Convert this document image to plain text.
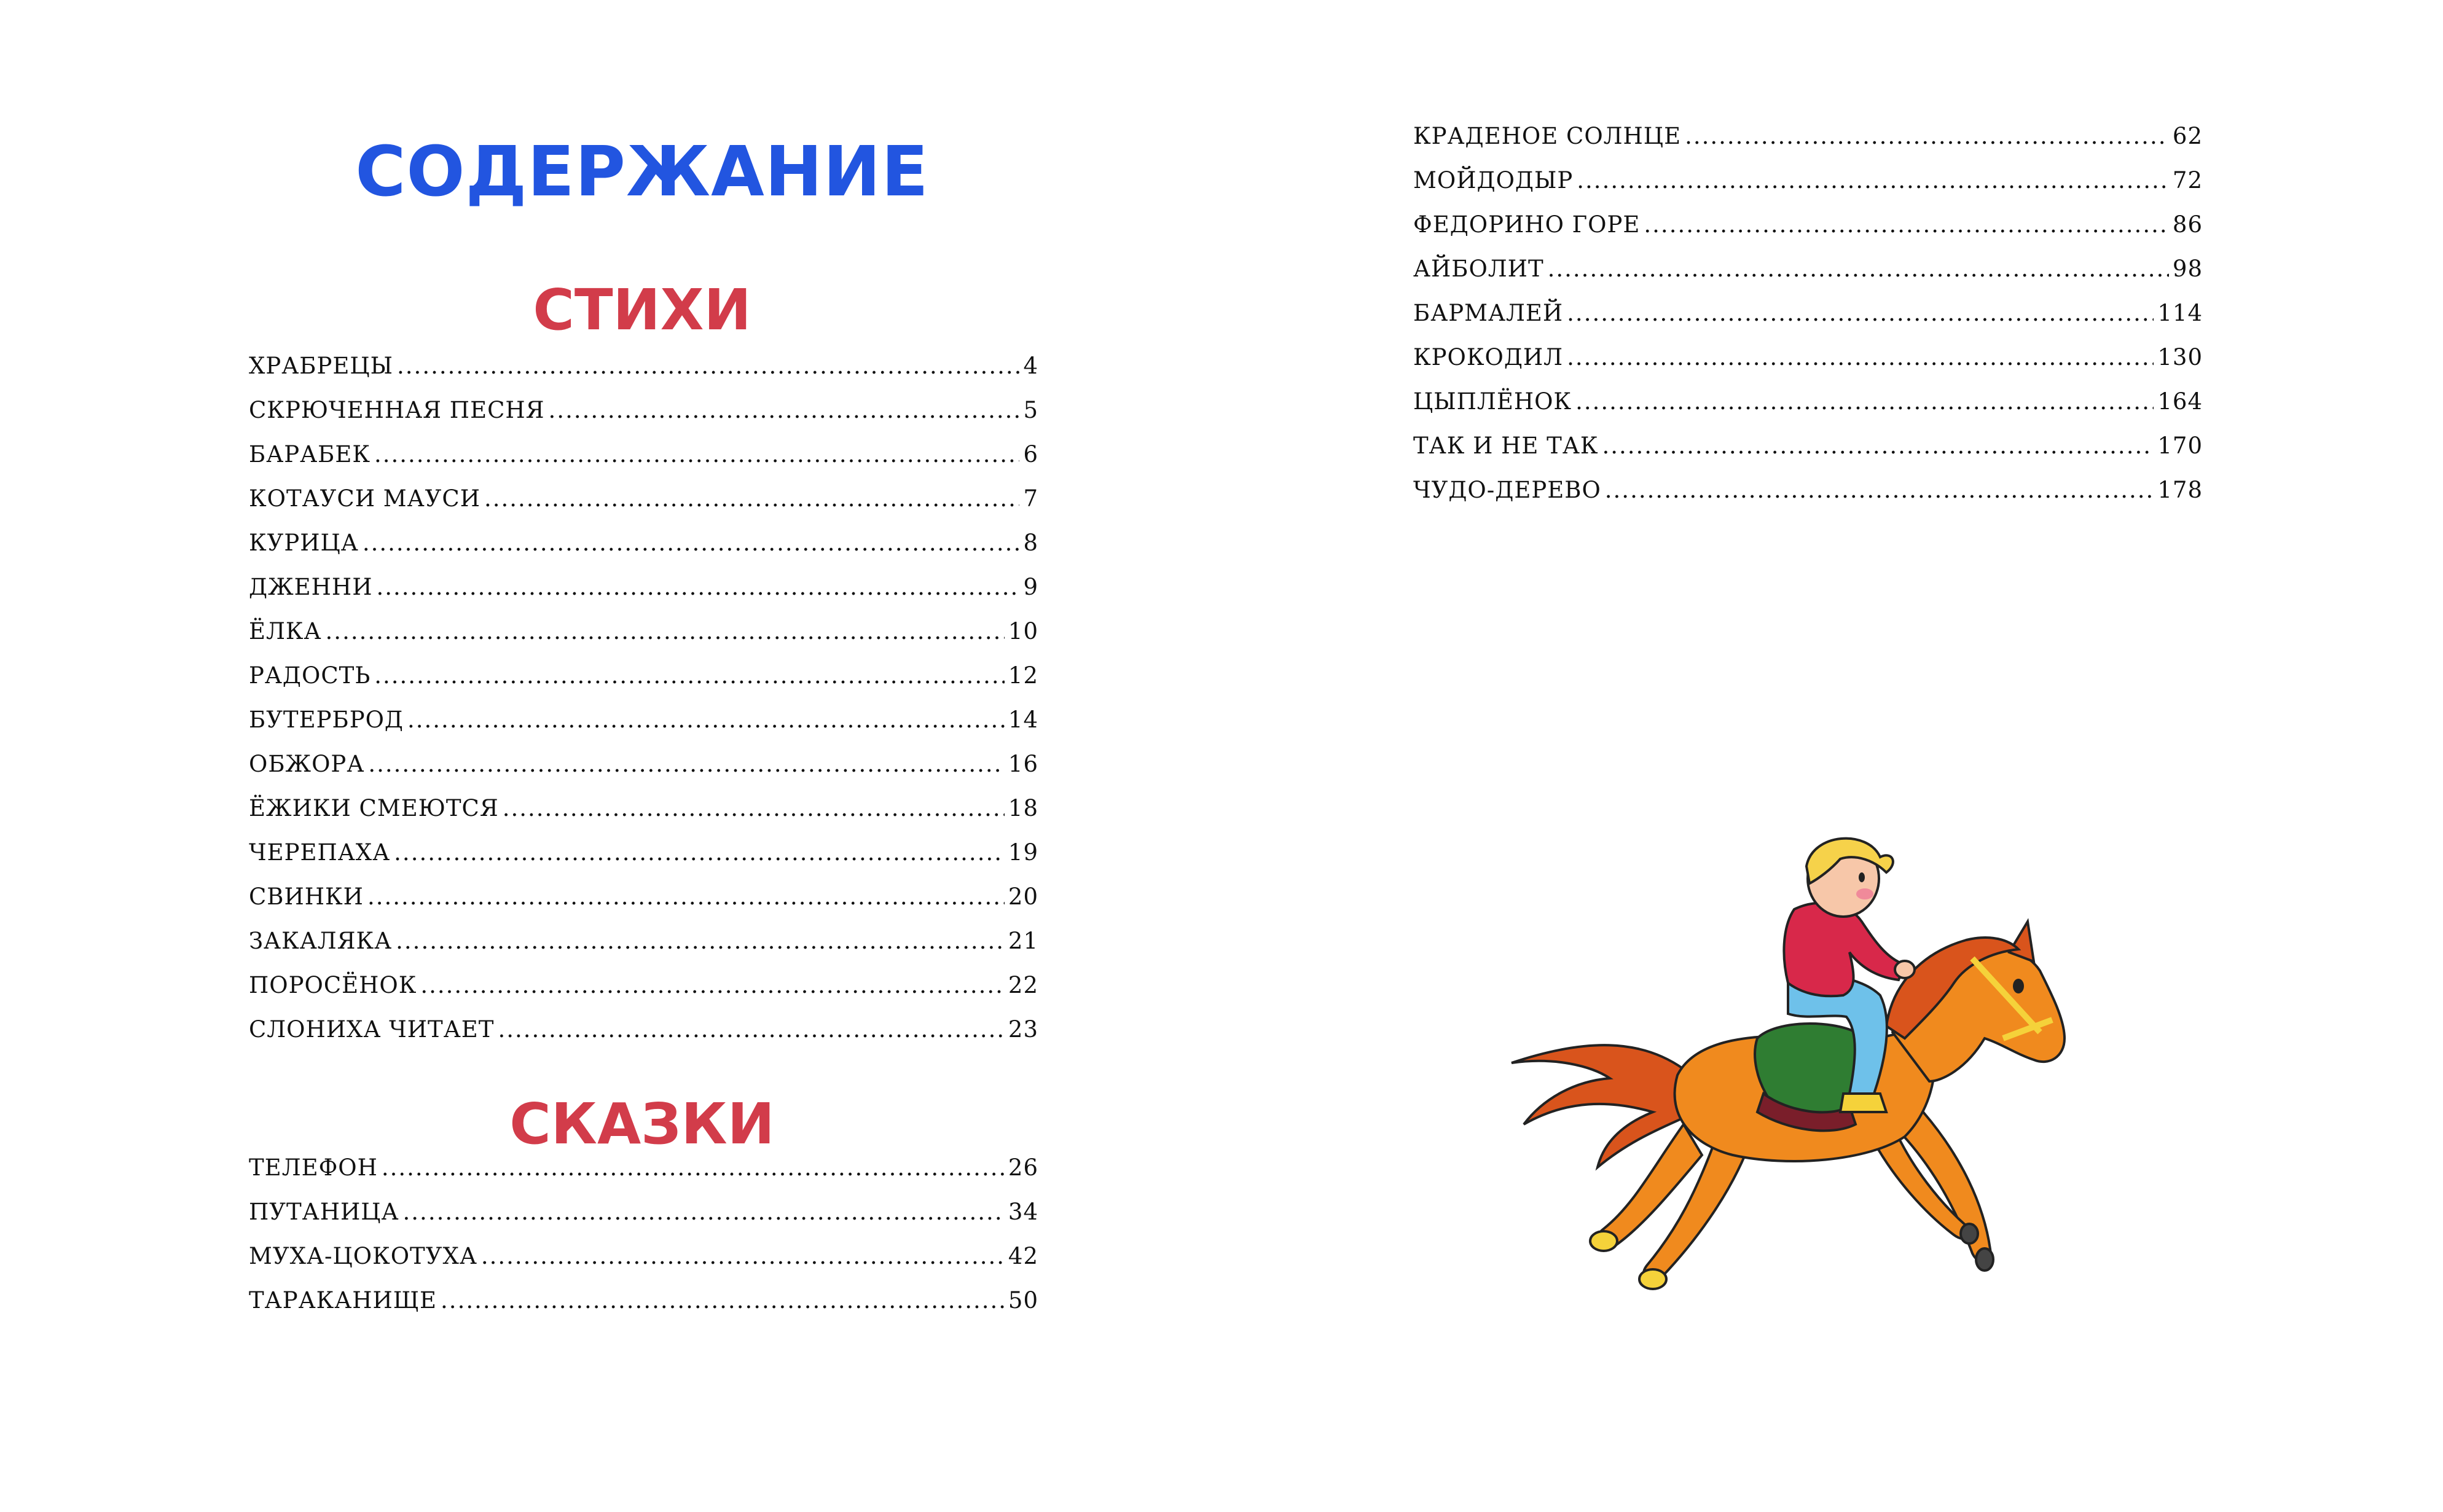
СОДЕРЖАНИЕ
СТИХИ
ХРАБРЕЦЫ .....	4
СКРЮЧЕННАЯ ПЕСНЯ .....	5
БАРАБЕК .....	6
КОТАУСИ МАУСИ .....	7
КУРИЦА .....	8
ДЖЕННИ .....	9
ЁЛКА .....	10
РАДОСТЬ .....	12
БУТЕРБРОД .....	14
ОБЖОРА .....	16
ЁЖИКИ СМЕЮТСЯ .....	18
ЧЕРЕПАХА .....	19
СВИНКИ .....	20
ЗАКАЛЯКА .....	21
ПОРОСЁНОК .....	22
СЛОНИХА ЧИТАЕТ .....	23
СКАЗКИ
ТЕЛЕФОН .....	26
ПУТАНИЦА .....	34
МУХА-ЦОКОТУХА .....	42
ТАРАКАНИЩЕ .....	50
КРАДЕНОЕ СОЛНЦЕ .....	62
МОЙДОДЫР .....	72
ФЕДОРИНО ГОРЕ .....	86
АЙБОЛИТ .....	98
БАРМАЛЕЙ .....	114
КРОКОДИЛ .....	130
ЦЫПЛЁНОК .....	164
ТАК И НЕ ТАК .....	170
ЧУДО-ДЕРЕВО .....	178
